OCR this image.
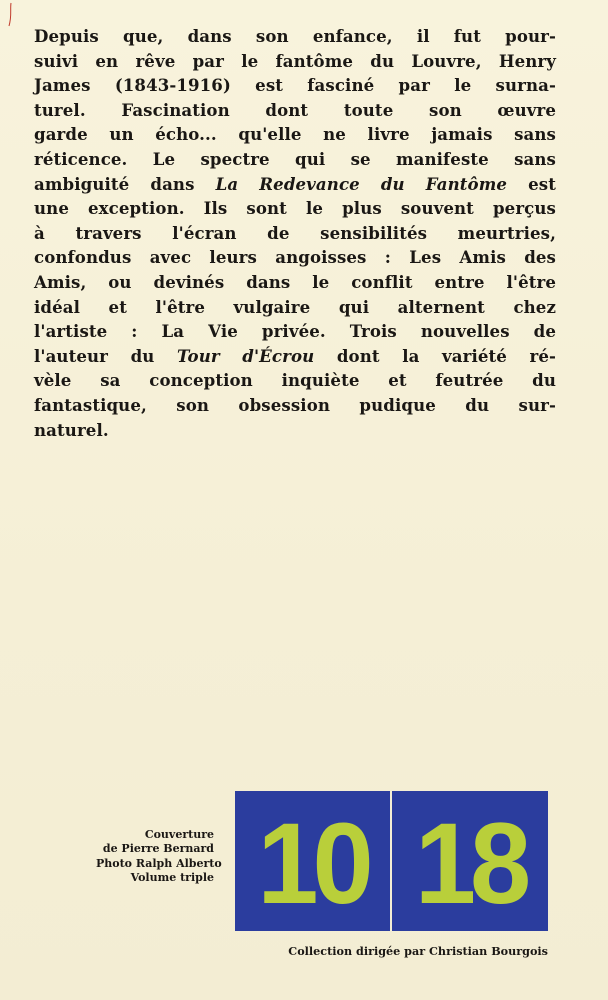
Depuis que, dans son enfance, il fut pour-
suivi en rêve par le fantôme du Louvre, Henry
James (1843-1916) est fasciné par le surna-
turel. Fascination dont toute son œuvre
garde un écho... qu'elle ne livre jamais sans
réticence. Le spectre qui se manifeste sans
ambiguité dans La Redevance du Fantôme est
une exception. Ils sont le plus souvent perçus
à travers l'écran de sensibilités meurtries,
confondus avec leurs angoisses : Les Amis des
Amis, ou devinés dans le conflit entre l'être
idéal et l'être vulgaire qui alternent chez
l'artiste : La Vie privée. Trois nouvelles de
l'auteur du Tour d'Écrou dont la variété ré-
vèle sa conception inquiète et feutrée du
fantastique, son obsession pudique du sur-
naturel.
Couverture
de Pierre Bernard
Photo Ralph Alberto
Volume triple 10 18
Collection dirigée par Christian Bourgois
